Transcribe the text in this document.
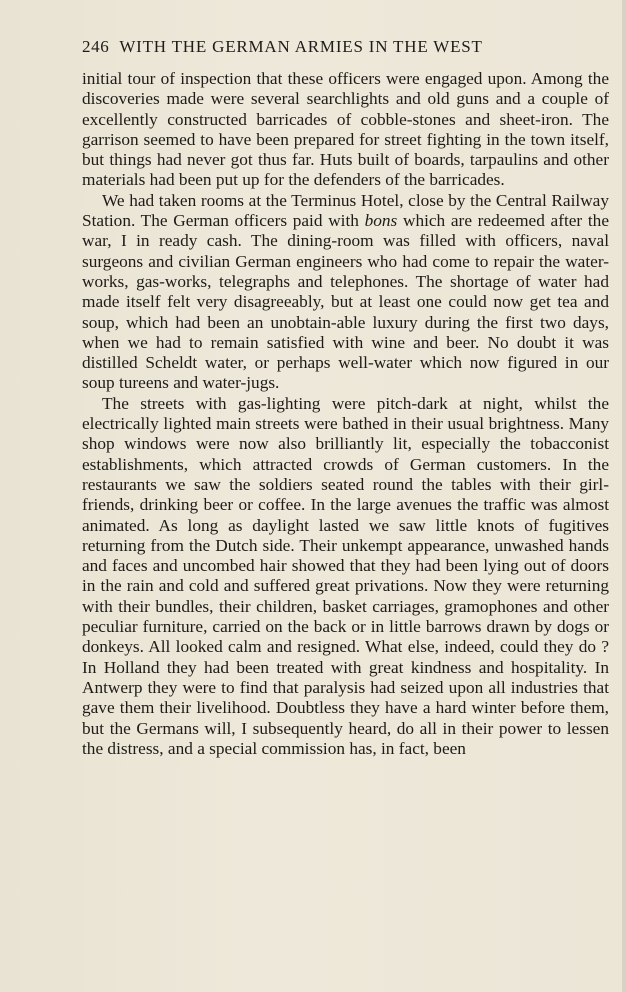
246 WITH THE GERMAN ARMIES IN THE WEST

initial tour of inspection that these officers were engaged upon. Among the discoveries made were several searchlights and old guns and a couple of excellently constructed barricades of cobble-stones and sheet-iron. The garrison seemed to have been prepared for street fighting in the town itself, but things had never got thus far. Huts built of boards, tarpaulins and other materials had been put up for the defenders of the barricades.

We had taken rooms at the Terminus Hotel, close by the Central Railway Station. The German officers paid with bons which are redeemed after the war, I in ready cash. The dining-room was filled with officers, naval surgeons and civilian German engineers who had come to repair the water-works, gas-works, telegraphs and telephones. The shortage of water had made itself felt very disagreeably, but at least one could now get tea and soup, which had been an unobtain-able luxury during the first two days, when we had to remain satisfied with wine and beer. No doubt it was distilled Scheldt water, or perhaps well-water which now figured in our soup tureens and water-jugs.

The streets with gas-lighting were pitch-dark at night, whilst the electrically lighted main streets were bathed in their usual brightness. Many shop windows were now also brilliantly lit, especially the tobacconist establishments, which attracted crowds of German customers. In the restaurants we saw the soldiers seated round the tables with their girl-friends, drinking beer or coffee. In the large avenues the traffic was almost animated. As long as daylight lasted we saw little knots of fugitives returning from the Dutch side. Their unkempt appearance, unwashed hands and faces and uncombed hair showed that they had been lying out of doors in the rain and cold and suffered great privations. Now they were returning with their bundles, their children, basket carriages, gramophones and other peculiar furniture, carried on the back or in little barrows drawn by dogs or donkeys. All looked calm and resigned. What else, indeed, could they do ? In Holland they had been treated with great kindness and hospitality. In Antwerp they were to find that paralysis had seized upon all industries that gave them their livelihood. Doubtless they have a hard winter before them, but the Germans will, I subsequently heard, do all in their power to lessen the distress, and a special commission has, in fact, been
